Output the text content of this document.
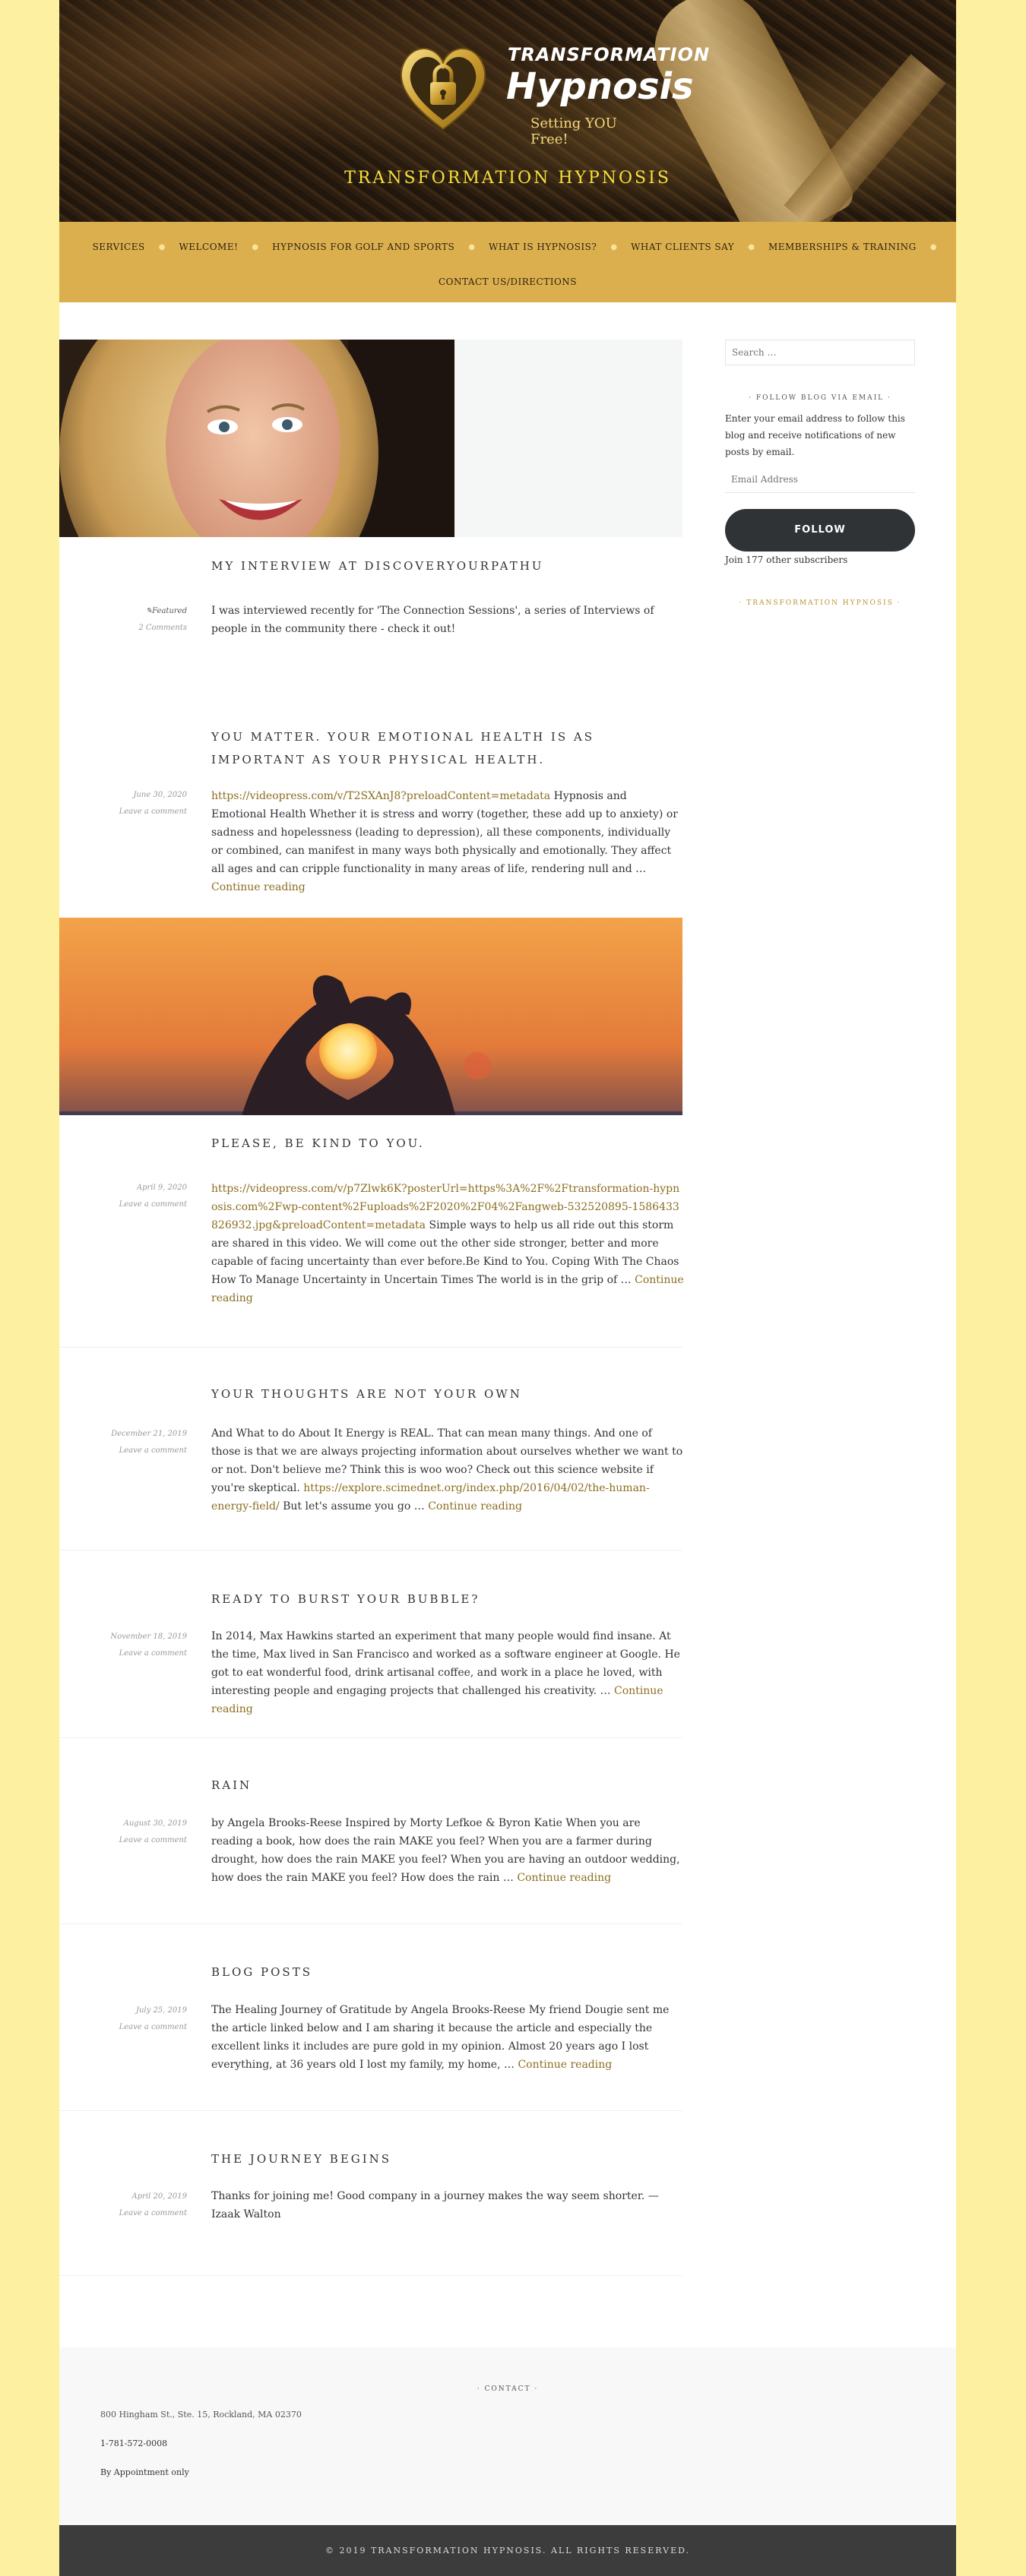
TRANSFORMATION
Hypnosis
Setting YOU Free!
TRANSFORMATION HYPNOSIS
SERVICES	●	WELCOME!	●	HYPNOSIS FOR GOLF AND SPORTS	●	WHAT IS HYPNOSIS?	●	WHAT CLIENTS SAY	●	MEMBERSHIPS & TRAINING	●
CONTACT US/DIRECTIONS
MY INTERVIEW AT DISCOVERYOURPATHU
✎Featured
2 Comments
I was interviewed recently for 'The Connection Sessions', a series of Interviews of people in the community there - check it out!
YOU MATTER. YOUR EMOTIONAL HEALTH IS AS IMPORTANT AS YOUR PHYSICAL HEALTH.
June 30, 2020
Leave a comment
https://videopress.com/v/T2SXAnJ8?preloadContent=metadata Hypnosis and Emotional Health Whether it is stress and worry (together, these add up to anxiety) or sadness and hopelessness (leading to depression), all these components, individually or combined, can manifest in many ways both physically and emotionally. They affect all ages and can cripple functionality in many areas of life, rendering null and … Continue reading
PLEASE, BE KIND TO YOU.
April 9, 2020
Leave a comment
https://videopress.com/v/p7Zlwk6K?posterUrl=https%3A%2F%2Ftransformation-hypnosis.com%2Fwp-content%2Fuploads%2F2020%2F04%2Fangweb-532520895-1586433826932.jpg&preloadContent=metadata Simple ways to help us all ride out this storm are shared in this video. We will come out the other side stronger, better and more capable of facing uncertainty than ever before.Be Kind to You. Coping With The Chaos How To Manage Uncertainty in Uncertain Times The world is in the grip of … Continue reading
YOUR THOUGHTS ARE NOT YOUR OWN
December 21, 2019
Leave a comment
And What to do About It Energy is REAL. That can mean many things. And one of those is that we are always projecting information about ourselves whether we want to or not. Don't believe me? Think this is woo woo? Check out this science website if you're skeptical. https://explore.scimednet.org/index.php/2016/04/02/the-human-energy-field/ But let's assume you go … Continue reading
READY TO BURST YOUR BUBBLE?
November 18, 2019
Leave a comment
In 2014, Max Hawkins started an experiment that many people would find insane. At the time, Max lived in San Francisco and worked as a software engineer at Google. He got to eat wonderful food, drink artisanal coffee, and work in a place he loved, with interesting people and engaging projects that challenged his creativity. … Continue reading
RAIN
August 30, 2019
Leave a comment
by Angela Brooks-Reese Inspired by Morty Lefkoe & Byron Katie When you are reading a book, how does the rain MAKE you feel? When you are a farmer during drought, how does the rain MAKE you feel? When you are having an outdoor wedding, how does the rain MAKE you feel? How does the rain … Continue reading
BLOG POSTS
July 25, 2019
Leave a comment
The Healing Journey of Gratitude by Angela Brooks-Reese My friend Dougie sent me the article linked below and I am sharing it because the article and especially the excellent links it includes are pure gold in my opinion. Almost 20 years ago I lost everything, at 36 years old I lost my family, my home, … Continue reading
THE JOURNEY BEGINS
April 20, 2019
Leave a comment
Thanks for joining me! Good company in a journey makes the way seem shorter. — Izaak Walton
Search …
· FOLLOW BLOG VIA EMAIL ·
Enter your email address to follow this blog and receive notifications of new posts by email.
Email Address
FOLLOW
Join 177 other subscribers
· TRANSFORMATION HYPNOSIS ·
· CONTACT ·
800 Hingham St., Ste. 15, Rockland, MA 02370
1-781-572-0008
By Appointment only
© 2019 TRANSFORMATION HYPNOSIS. ALL RIGHTS RESERVED.
